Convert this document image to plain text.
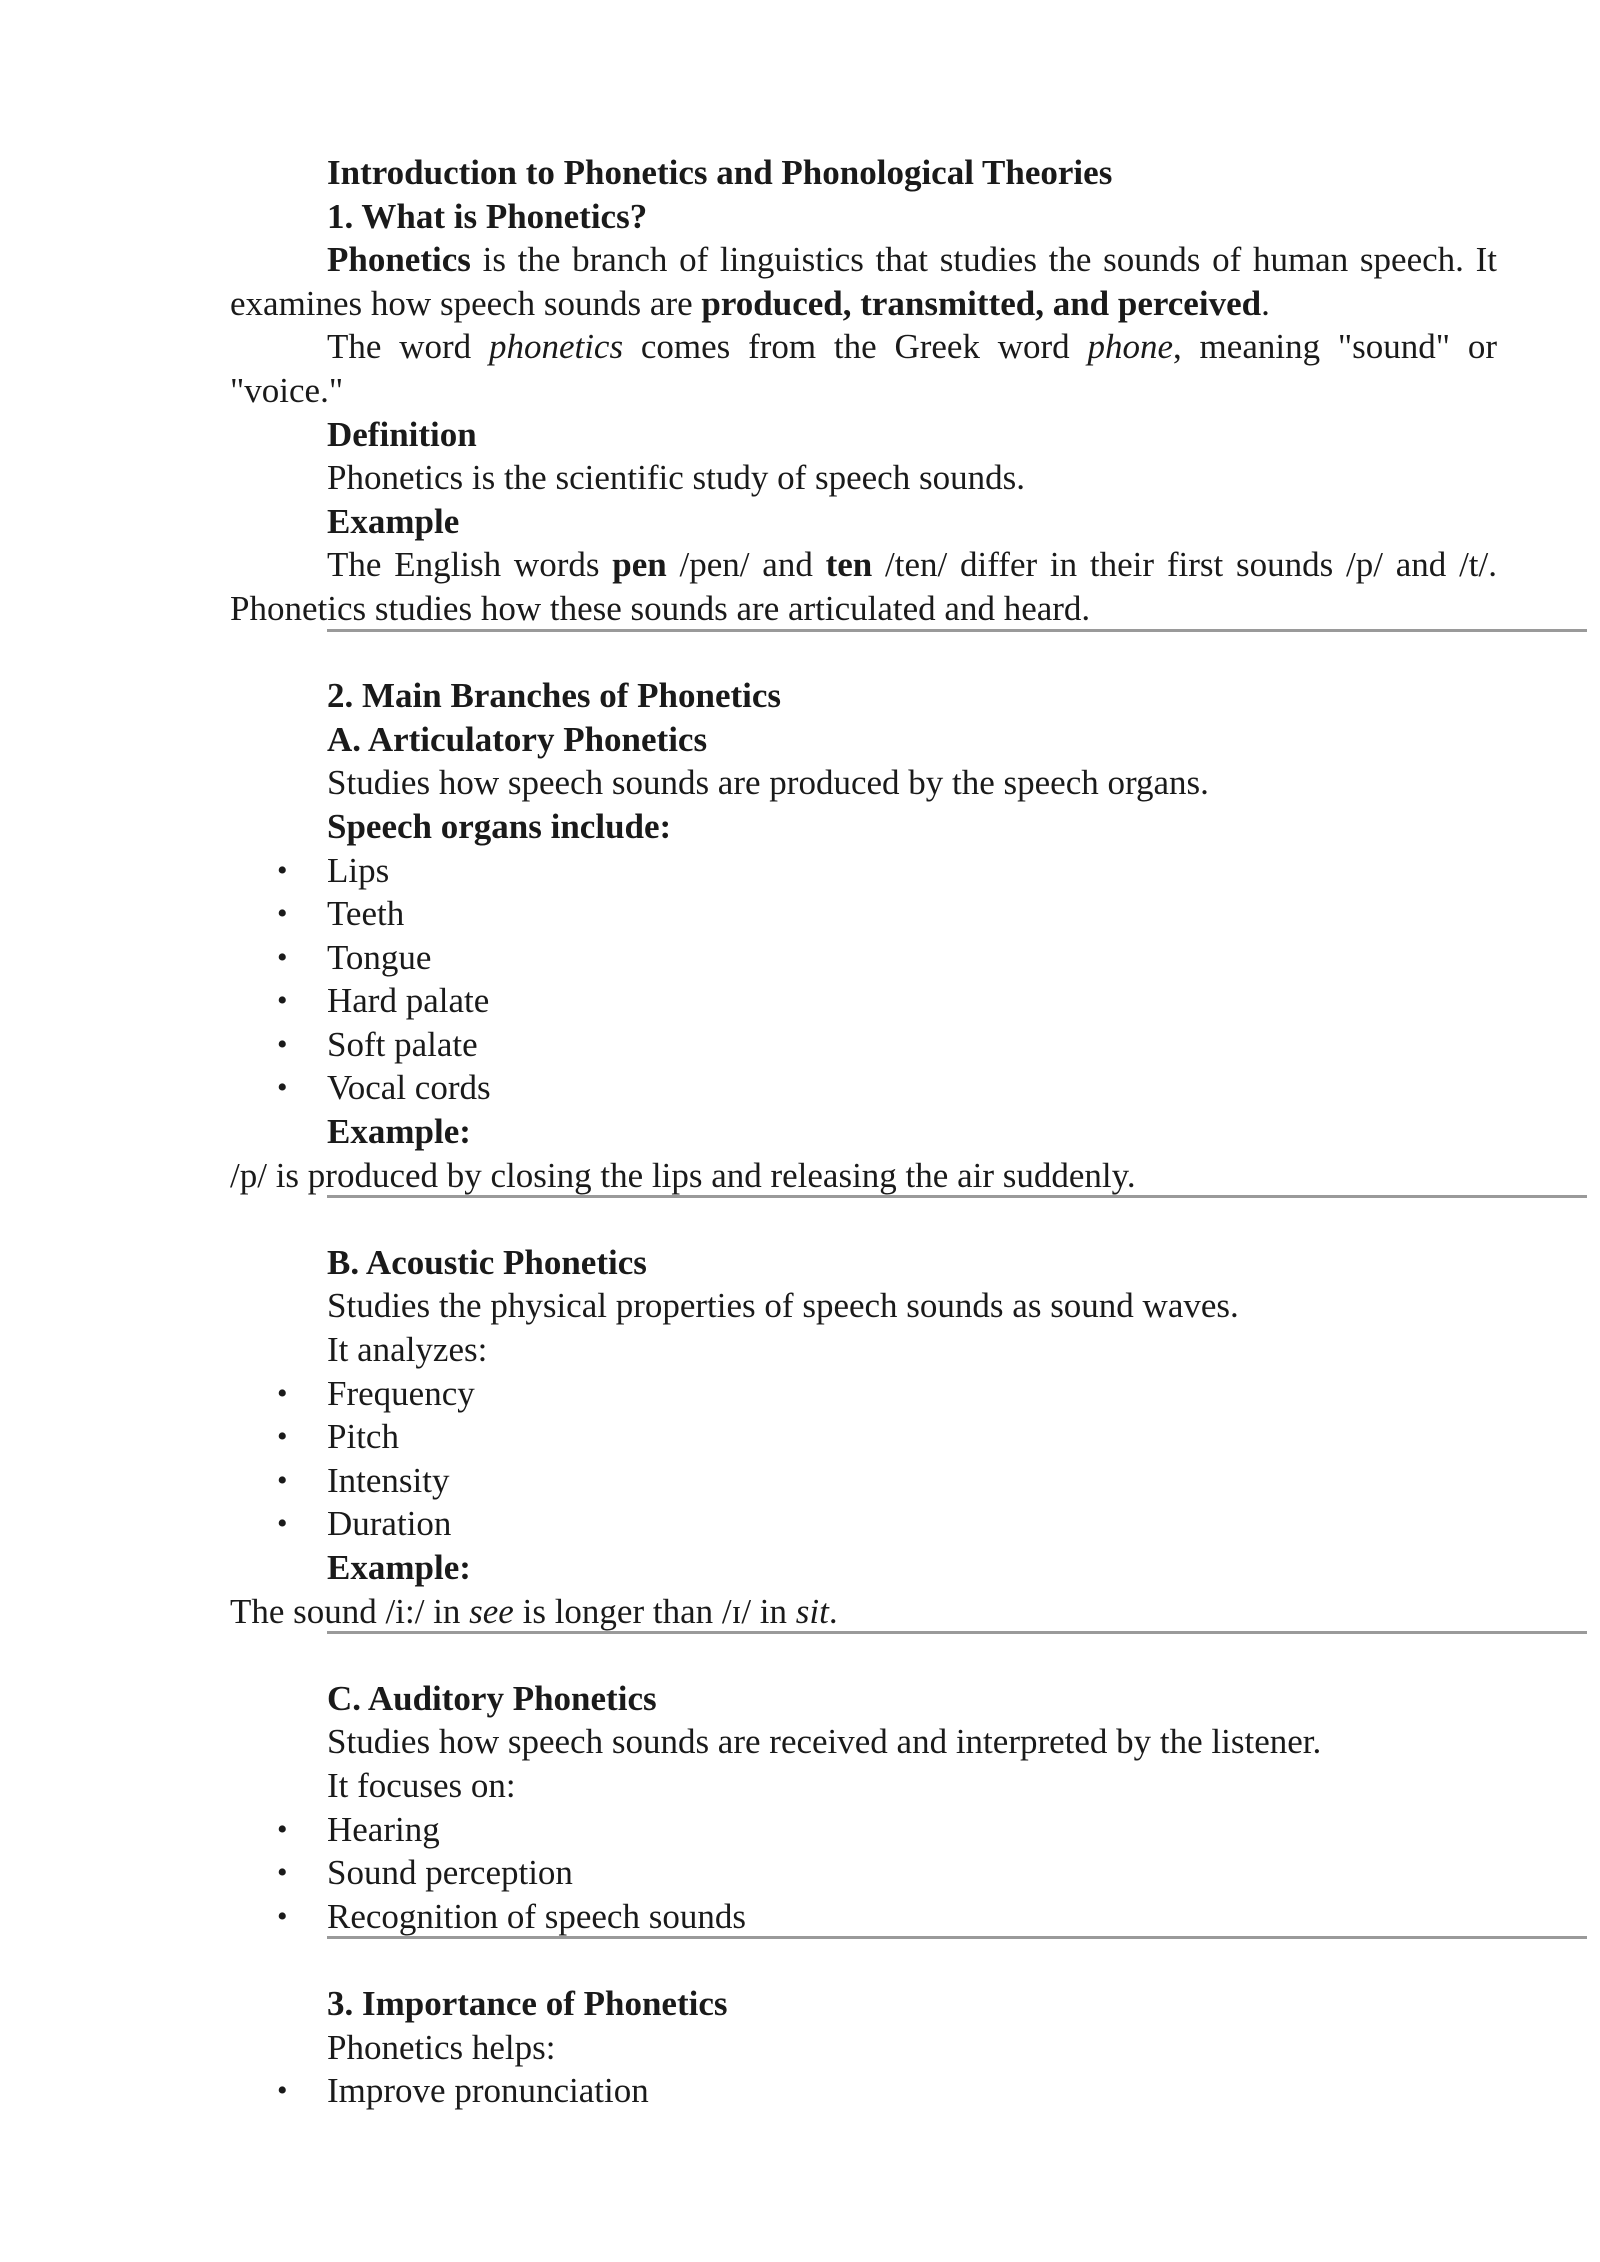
Introduction to Phonetics and Phonological Theories

1. What is Phonetics?

Phonetics is the branch of linguistics that studies the sounds of human speech. It examines how speech sounds are produced, transmitted, and perceived.

The word phonetics comes from the Greek word phone, meaning "sound" or "voice."

Definition

Phonetics is the scientific study of speech sounds.

Example

The English words pen /pen/ and ten /ten/ differ in their first sounds /p/ and /t/. Phonetics studies how these sounds are articulated and heard.

2. Main Branches of Phonetics

A. Articulatory Phonetics

Studies how speech sounds are produced by the speech organs.

Speech organs include:

• Lips
• Teeth
• Tongue
• Hard palate
• Soft palate
• Vocal cords

Example:

/p/ is produced by closing the lips and releasing the air suddenly.

B. Acoustic Phonetics

Studies the physical properties of speech sounds as sound waves.

It analyzes:

• Frequency
• Pitch
• Intensity
• Duration

Example:

The sound /i:/ in see is longer than /ɪ/ in sit.

C. Auditory Phonetics

Studies how speech sounds are received and interpreted by the listener.

It focuses on:

• Hearing
• Sound perception
• Recognition of speech sounds

3. Importance of Phonetics

Phonetics helps:

• Improve pronunciation
